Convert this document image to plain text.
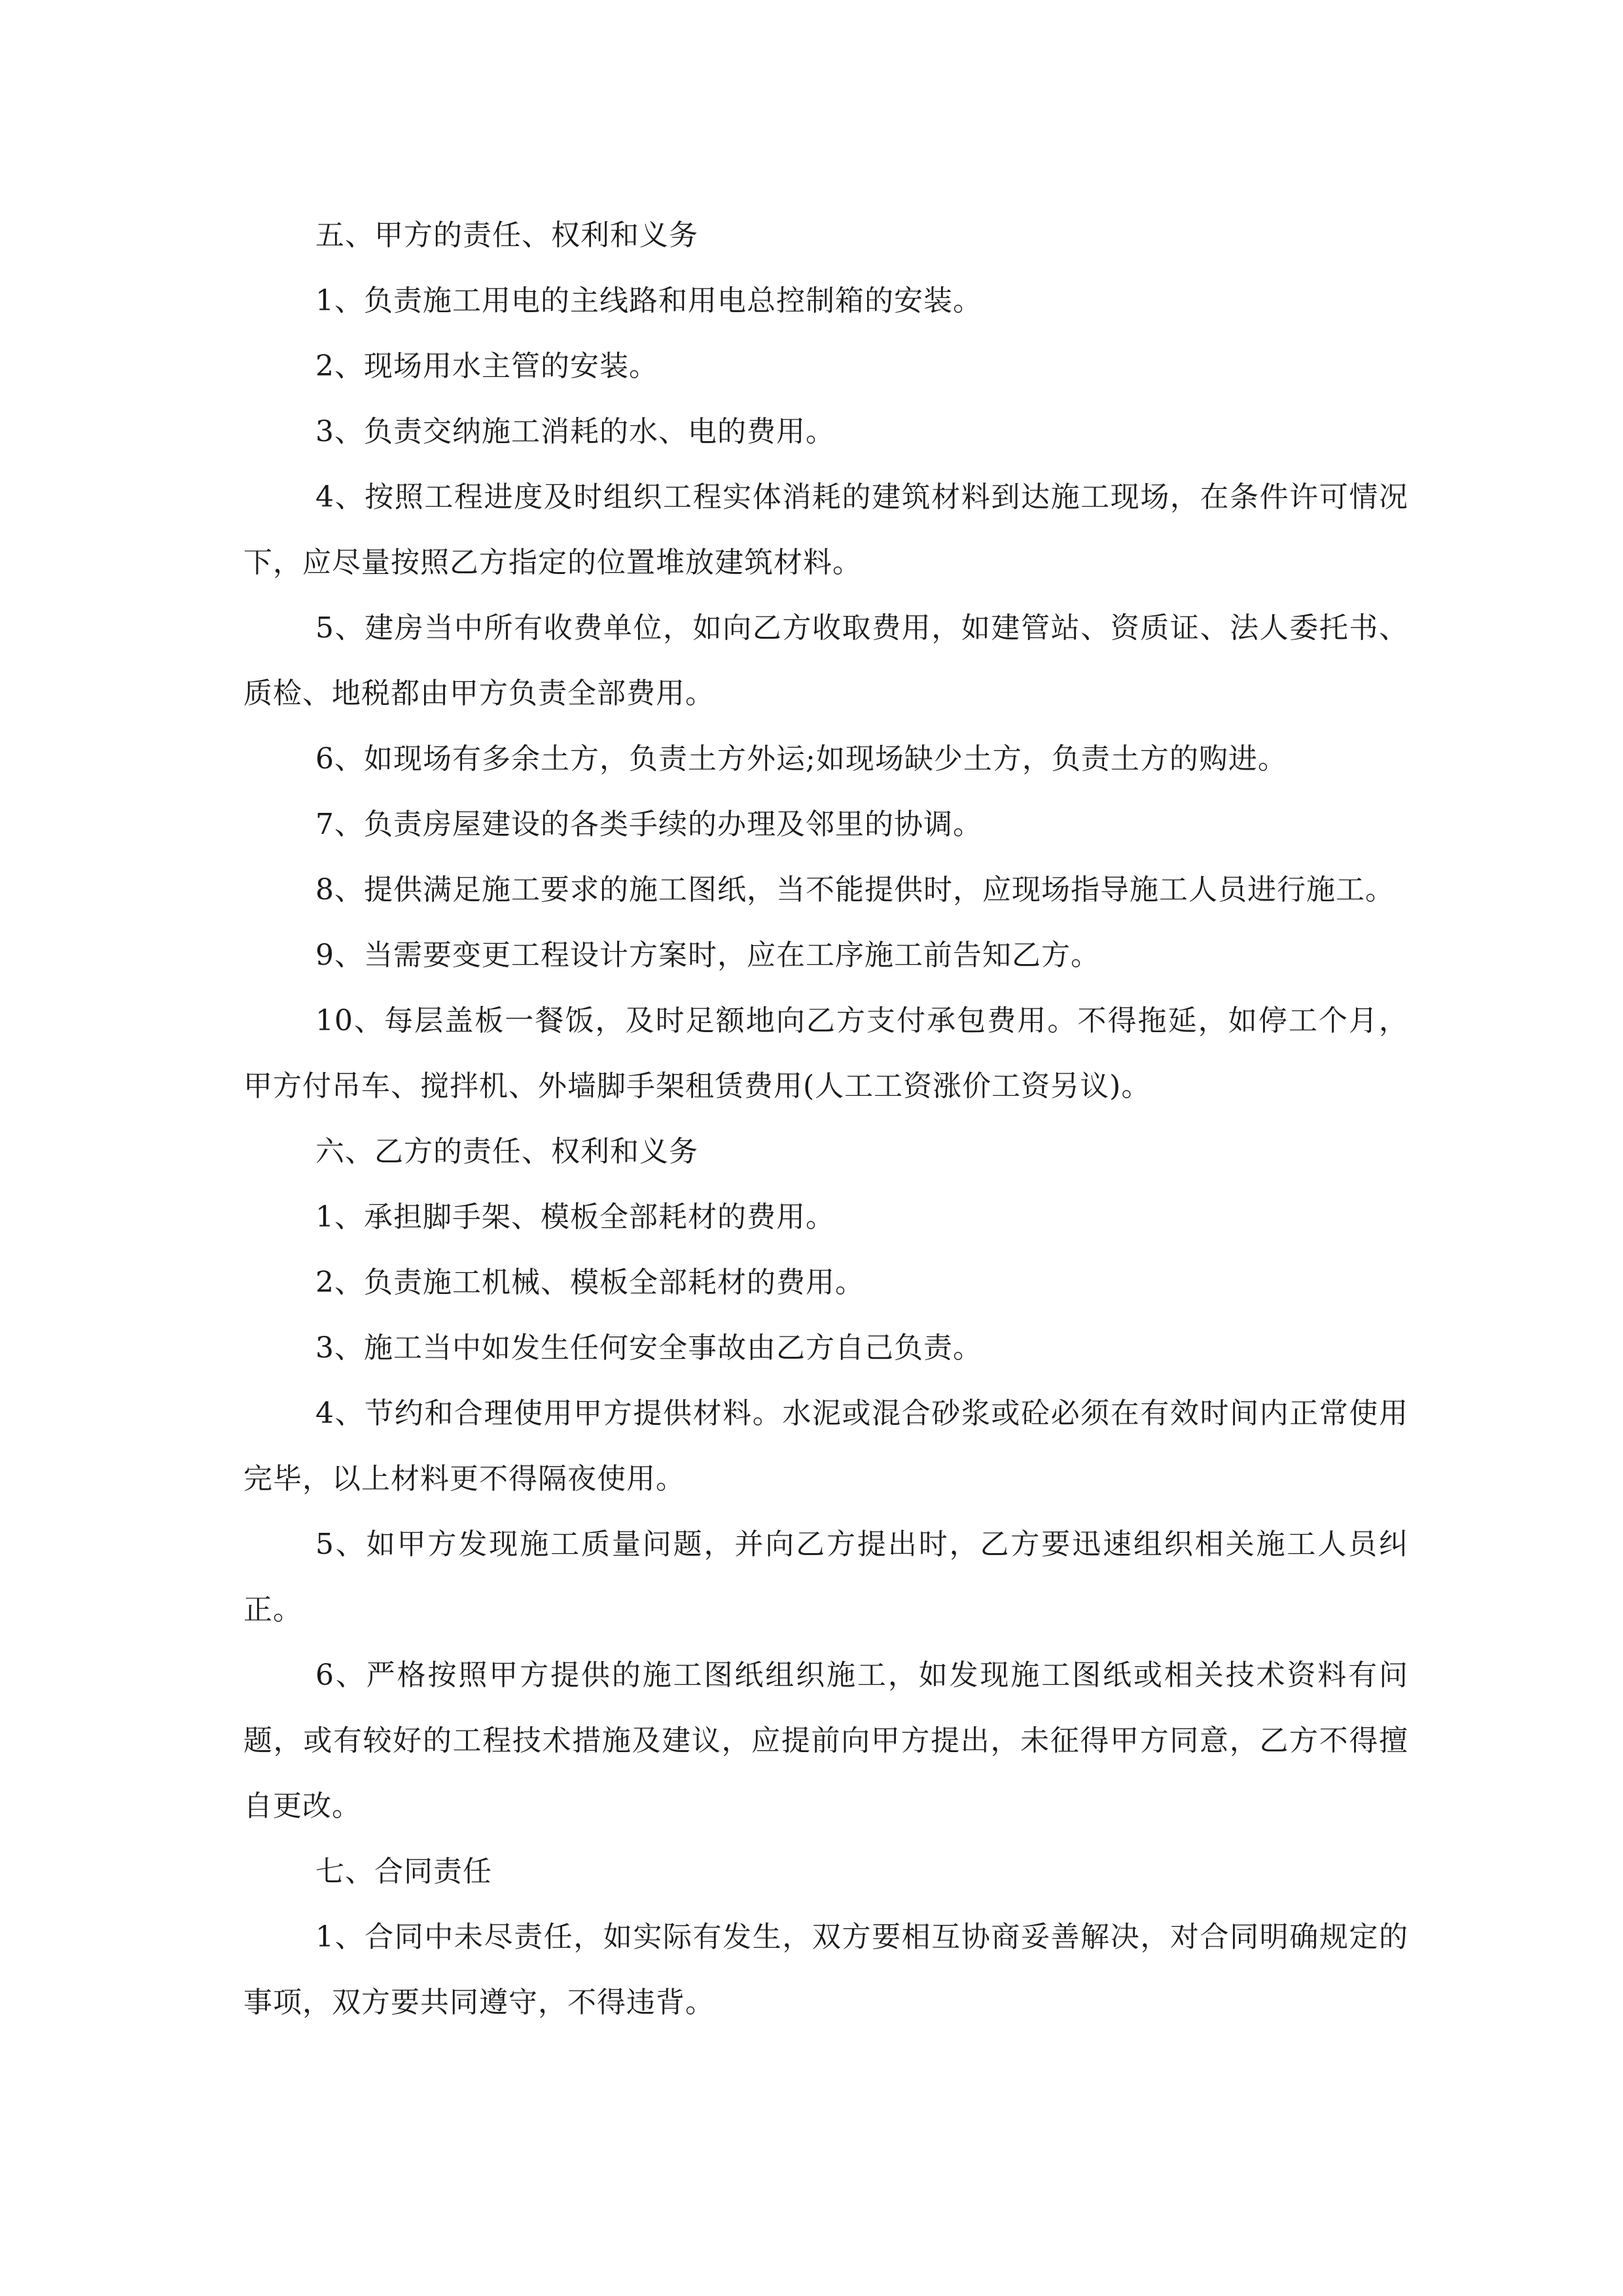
五、甲方的责任、权利和义务

1、负责施工用电的主线路和用电总控制箱的安装。

2、现场用水主管的安装。

3、负责交纳施工消耗的水、电的费用。

4、按照工程进度及时组织工程实体消耗的建筑材料到达施工现场，在条件许可情况下，应尽量按照乙方指定的位置堆放建筑材料。

5、建房当中所有收费单位，如向乙方收取费用，如建管站、资质证、法人委托书、质检、地税都由甲方负责全部费用。

6、如现场有多余土方，负责土方外运;如现场缺少土方，负责土方的购进。

7、负责房屋建设的各类手续的办理及邻里的协调。

8、提供满足施工要求的施工图纸，当不能提供时，应现场指导施工人员进行施工。

9、当需要变更工程设计方案时，应在工序施工前告知乙方。

10、每层盖板一餐饭，及时足额地向乙方支付承包费用。不得拖延，如停工个月，甲方付吊车、搅拌机、外墙脚手架租赁费用(人工工资涨价工资另议)。

六、乙方的责任、权利和义务

1、承担脚手架、模板全部耗材的费用。

2、负责施工机械、模板全部耗材的费用。

3、施工当中如发生任何安全事故由乙方自己负责。

4、节约和合理使用甲方提供材料。水泥或混合砂浆或砼必须在有效时间内正常使用完毕，以上材料更不得隔夜使用。

5、如甲方发现施工质量问题，并向乙方提出时，乙方要迅速组织相关施工人员纠正。

6、严格按照甲方提供的施工图纸组织施工，如发现施工图纸或相关技术资料有问题，或有较好的工程技术措施及建议，应提前向甲方提出，未征得甲方同意，乙方不得擅自更改。

七、合同责任

1、合同中未尽责任，如实际有发生，双方要相互协商妥善解决，对合同明确规定的事项，双方要共同遵守，不得违背。
